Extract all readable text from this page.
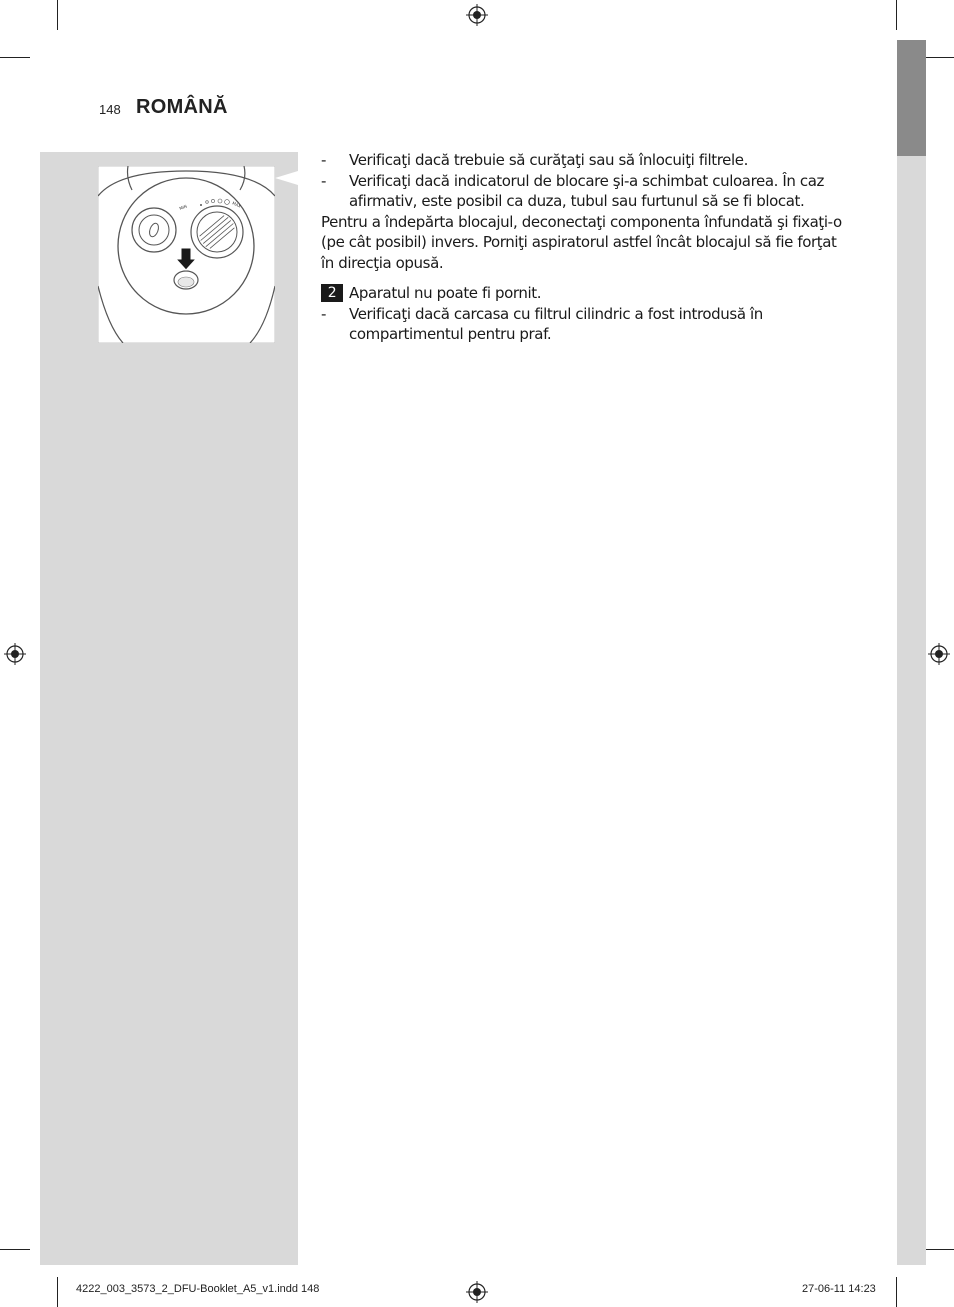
148 ROMÂNĂ
MIN	MAX
-	Verificaţi dacă trebuie să curăţaţi sau să înlocuiţi filtrele.
-	Verificaţi dacă indicatorul de blocare şi-a schimbat culoarea. În caz afirmativ, este posibil ca duza, tubul sau furtunul să se fi blocat.

Pentru a îndepărta blocajul, deconectaţi componenta înfundată şi fixaţi-o (pe cât posibil) invers. Porniţi aspiratorul astfel încât blocajul să fie forţat în direcţia opusă.

2 Aparatul nu poate fi pornit.
-	Verificaţi dacă carcasa cu filtrul cilindric a fost introdusă în compartimentul pentru praf.
4222_003_3573_2_DFU-Booklet_A5_v1.indd 148	27-06-11 14:23
